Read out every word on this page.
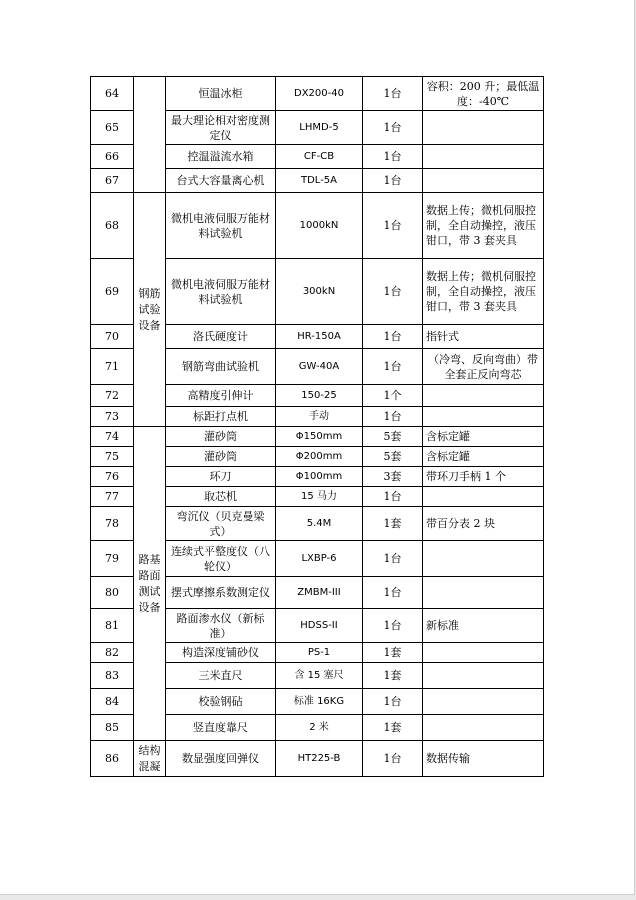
64		恒温冰柜	DX200-40	1台	容积：200 升；最低温度：-40℃
65		最大理论相对密度测定仪	LHMD-5	1台	
66		控温溢流水箱	CF-CB	1台	
67		台式大容量离心机	TDL-5A	1台	
68	钢筋试验设备	微机电液伺服万能材料试验机	1000kN	1台	数据上传；微机伺服控制，全自动操控，液压钳口，带 3 套夹具
69		微机电液伺服万能材料试验机	300kN	1台	数据上传；微机伺服控制，全自动操控，液压钳口，带 3 套夹具
70		洛氏硬度计	HR-150A	1台	指针式
71		钢筋弯曲试验机	GW-40A	1台	（冷弯、反向弯曲）带全套正反向弯芯
72		高精度引伸计	150-25	1个	
73		标距打点机	手动	1台	
74	路基路面测试设备	灌砂筒	Φ150mm	5套	含标定罐
75		灌砂筒	Φ200mm	5套	含标定罐
76		环刀	Φ100mm	3套	带环刀手柄 1 个
77		取芯机	15 马力	1台	
78		弯沉仪（贝克曼梁式）	5.4M	1套	带百分表 2 块
79		连续式平整度仪（八轮仪）	LXBP-6	1台	
80		摆式摩擦系数测定仪	ZMBM-III	1台	
81		路面渗水仪（新标准）	HDSS-II	1台	新标准
82		构造深度铺砂仪	PS-1	1套	
83		三米直尺	含 15 塞尺	1套	
84		校验钢砧	标准 16KG	1台	
85		竖直度靠尺	2 米	1套	
86	结构混凝	数显强度回弹仪	HT225-B	1台	数据传输
